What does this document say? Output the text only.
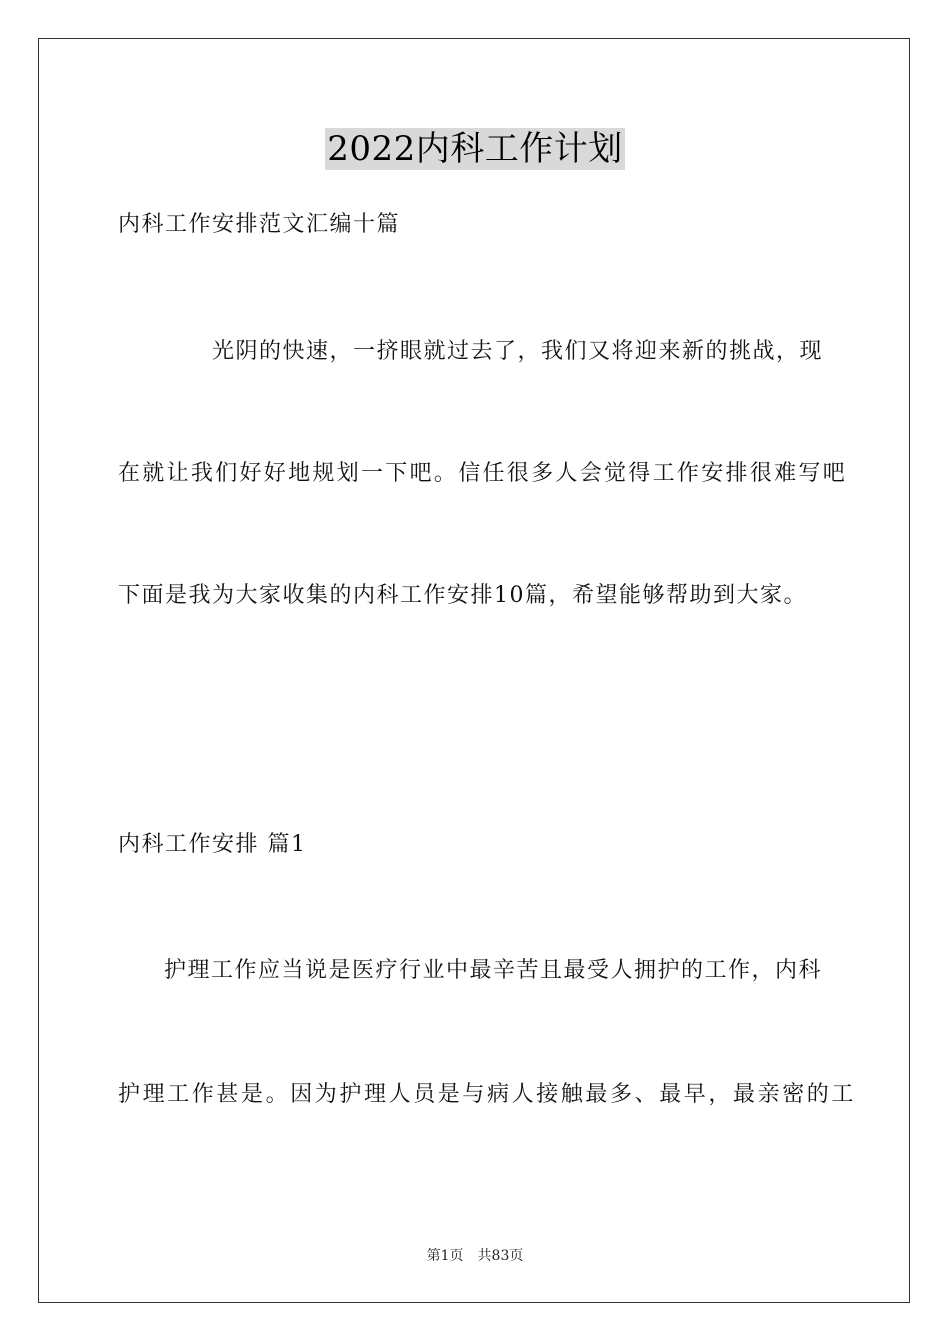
2022内科工作计划
内科工作安排范文汇编十篇
光阴的快速，一挤眼就过去了，我们又将迎来新的挑战，现
在就让我们好好地规划一下吧。信任很多人会觉得工作安排很难写吧
下面是我为大家收集的内科工作安排10篇，希望能够帮助到大家。
内科工作安排 篇1
护理工作应当说是医疗行业中最辛苦且最受人拥护的工作，内科
护理工作甚是。因为护理人员是与病人接触最多、最早，最亲密的工
第1页 共83页
